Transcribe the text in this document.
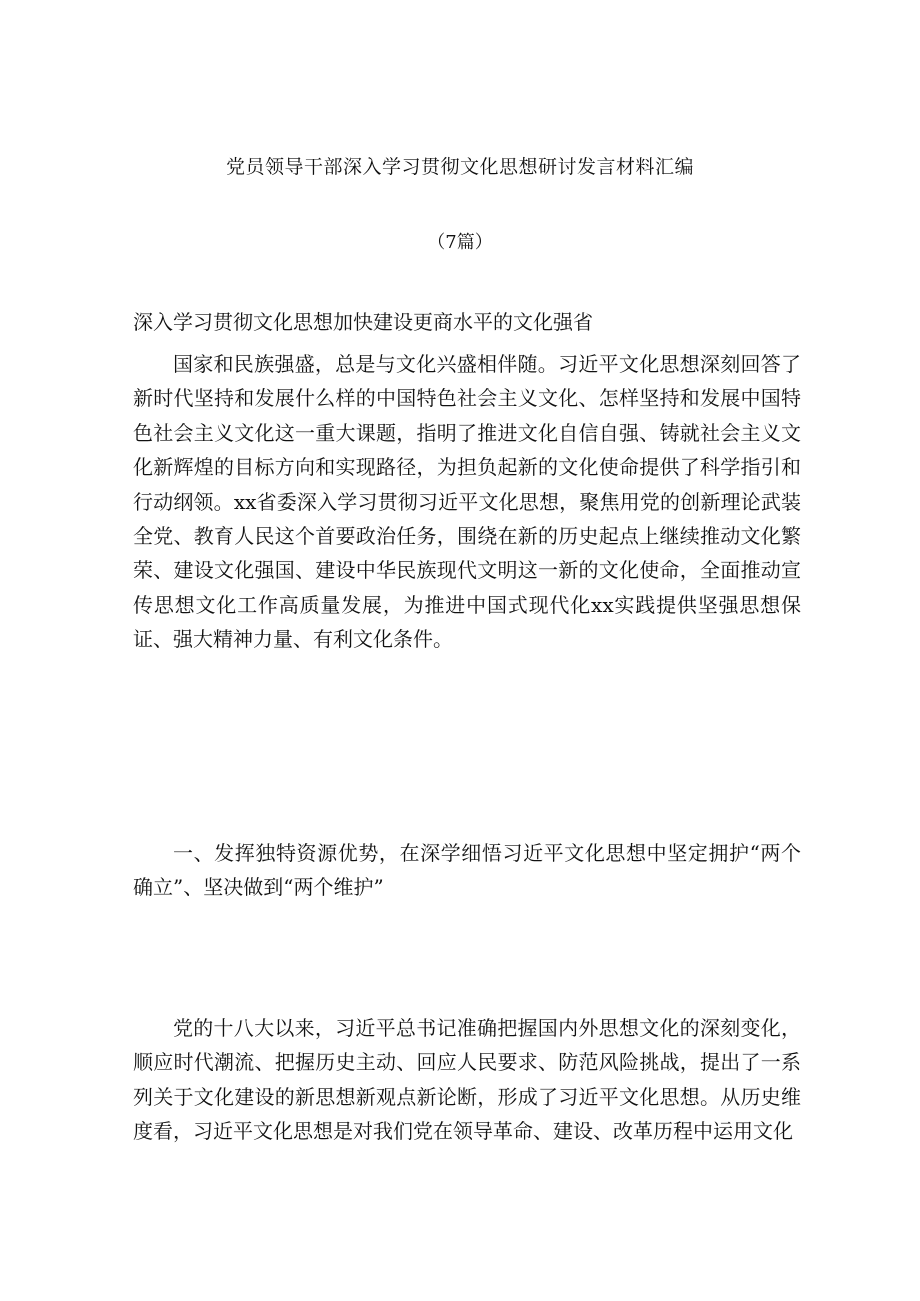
党员领导干部深入学习贯彻文化思想研讨发言材料汇编
（7篇）
深入学习贯彻文化思想加快建设更商水平的文化强省

国家和民族强盛，总是与文化兴盛相伴随。习近平文化思想深刻回答了新时代坚持和发展什么样的中国特色社会主义文化、怎样坚持和发展中国特色社会主义文化这一重大课题，指明了推进文化自信自强、铸就社会主义文化新辉煌的目标方向和实现路径，为担负起新的文化使命提供了科学指引和行动纲领。xx省委深入学习贯彻习近平文化思想，聚焦用党的创新理论武装全党、教育人民这个首要政治任务，围绕在新的历史起点上继续推动文化繁荣、建设文化强国、建设中华民族现代文明这一新的文化使命，全面推动宣传思想文化工作高质量发展，为推进中国式现代化xx实践提供坚强思想保证、强大精神力量、有利文化条件。

一、发挥独特资源优势，在深学细悟习近平文化思想中坚定拥护“两个确立”、坚决做到“两个维护”

党的十八大以来，习近平总书记准确把握国内外思想文化的深刻变化，顺应时代潮流、把握历史主动、回应人民要求、防范风险挑战，提出了一系列关于文化建设的新思想新观点新论断，形成了习近平文化思想。从历史维度看，习近平文化思想是对我们党在领导革命、建设、改革历程中运用文化
